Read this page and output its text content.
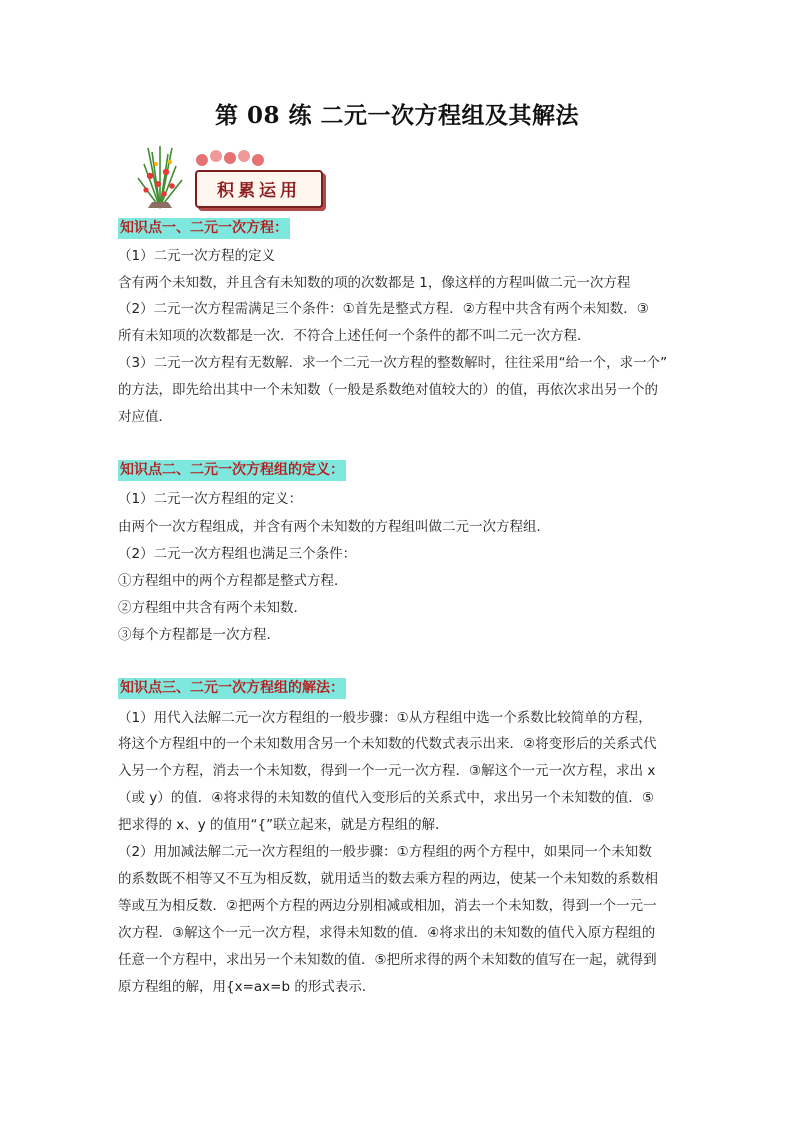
第 08 练 二元一次方程组及其解法
积累运用
知识点一、二元一次方程：
（1）二元一次方程的定义
含有两个未知数，并且含有未知数的项的次数都是 1，像这样的方程叫做二元一次方程
（2）二元一次方程需满足三个条件：①首先是整式方程．②方程中共含有两个未知数．③
所有未知项的次数都是一次．不符合上述任何一个条件的都不叫二元一次方程．
（3）二元一次方程有无数解．求一个二元一次方程的整数解时，往往采用“给一个，求一个”
的方法，即先给出其中一个未知数（一般是系数绝对值较大的）的值，再依次求出另一个的
对应值．
知识点二、二元一次方程组的定义：
（1）二元一次方程组的定义：
由两个一次方程组成，并含有两个未知数的方程组叫做二元一次方程组．
（2）二元一次方程组也满足三个条件：
①方程组中的两个方程都是整式方程．
②方程组中共含有两个未知数．
③每个方程都是一次方程．
知识点三、二元一次方程组的解法：
（1）用代入法解二元一次方程组的一般步骤：①从方程组中选一个系数比较简单的方程，
将这个方程组中的一个未知数用含另一个未知数的代数式表示出来．②将变形后的关系式代
入另一个方程，消去一个未知数，得到一个一元一次方程．③解这个一元一次方程，求出 x
（或 y）的值．④将求得的未知数的值代入变形后的关系式中，求出另一个未知数的值．⑤
把求得的 x、y 的值用“{”联立起来，就是方程组的解．
（2）用加减法解二元一次方程组的一般步骤：①方程组的两个方程中，如果同一个未知数
的系数既不相等又不互为相反数，就用适当的数去乘方程的两边，使某一个未知数的系数相
等或互为相反数．②把两个方程的两边分别相减或相加，消去一个未知数，得到一个一元一
次方程．③解这个一元一次方程，求得未知数的值．④将求出的未知数的值代入原方程组的
任意一个方程中，求出另一个未知数的值．⑤把所求得的两个未知数的值写在一起，就得到
原方程组的解，用{x=ax=b 的形式表示．
